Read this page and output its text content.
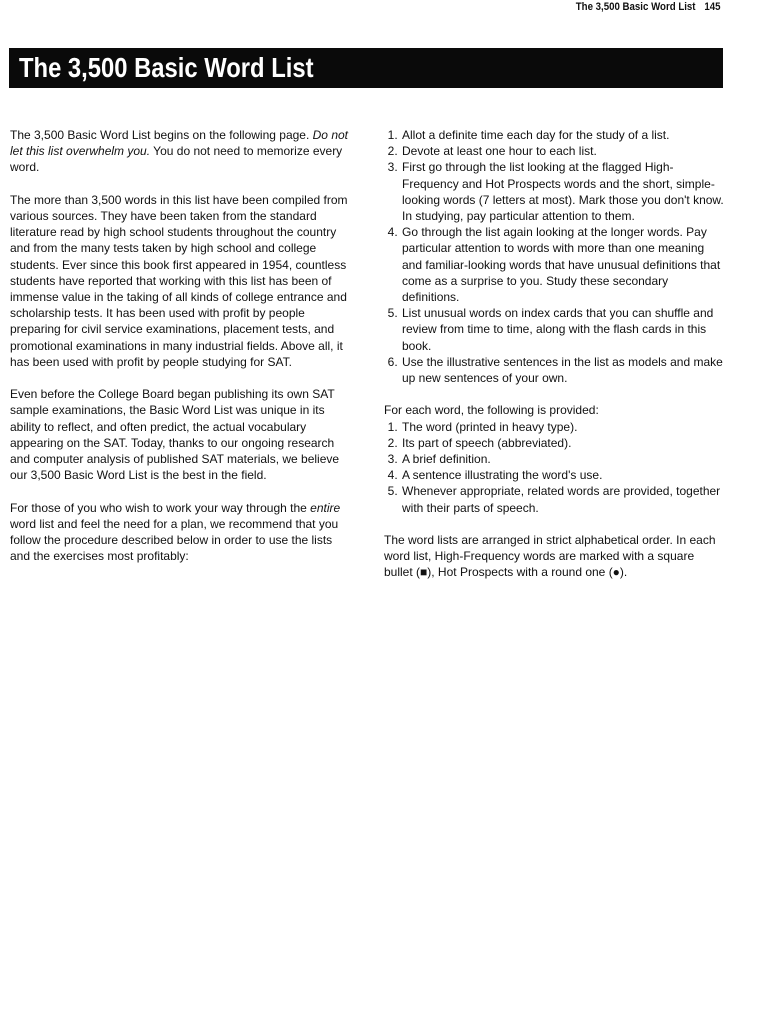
The 3,500 Basic Word List 145
The 3,500 Basic Word List

The 3,500 Basic Word List begins on the following page. Do not let this list overwhelm you. You do not need to memorize every word.

The more than 3,500 words in this list have been compiled from various sources. They have been taken from the standard literature read by high school students throughout the country and from the many tests taken by high school and college students. Ever since this book first appeared in 1954, countless students have reported that working with this list has been of immense value in the taking of all kinds of college entrance and scholarship tests. It has been used with profit by people preparing for civil service examinations, placement tests, and promotional examinations in many industrial fields. Above all, it has been used with profit by people studying for SAT.

Even before the College Board began publishing its own SAT sample examinations, the Basic Word List was unique in its ability to reflect, and often predict, the actual vocabulary appearing on the SAT. Today, thanks to our ongoing research and computer analysis of published SAT materials, we believe our 3,500 Basic Word List is the best in the field.

For those of you who wish to work your way through the entire word list and feel the need for a plan, we recommend that you follow the procedure described below in order to use the lists and the exercises most profitably:

1. Allot a definite time each day for the study of a list.
2. Devote at least one hour to each list.
3. First go through the list looking at the flagged High-Frequency and Hot Prospects words and the short, simple-looking words (7 letters at most). Mark those you don't know. In studying, pay particular attention to them.
4. Go through the list again looking at the longer words. Pay particular attention to words with more than one meaning and familiar-looking words that have unusual definitions that come as a surprise to you. Study these secondary definitions.
5. List unusual words on index cards that you can shuffle and review from time to time, along with the flash cards in this book.
6. Use the illustrative sentences in the list as models and make up new sentences of your own.

For each word, the following is provided:

1. The word (printed in heavy type).
2. Its part of speech (abbreviated).
3. A brief definition.
4. A sentence illustrating the word's use.
5. Whenever appropriate, related words are provided, together with their parts of speech.

The word lists are arranged in strict alphabetical order. In each word list, High-Frequency words are marked with a square bullet (■), Hot Prospects with a round one (●).
